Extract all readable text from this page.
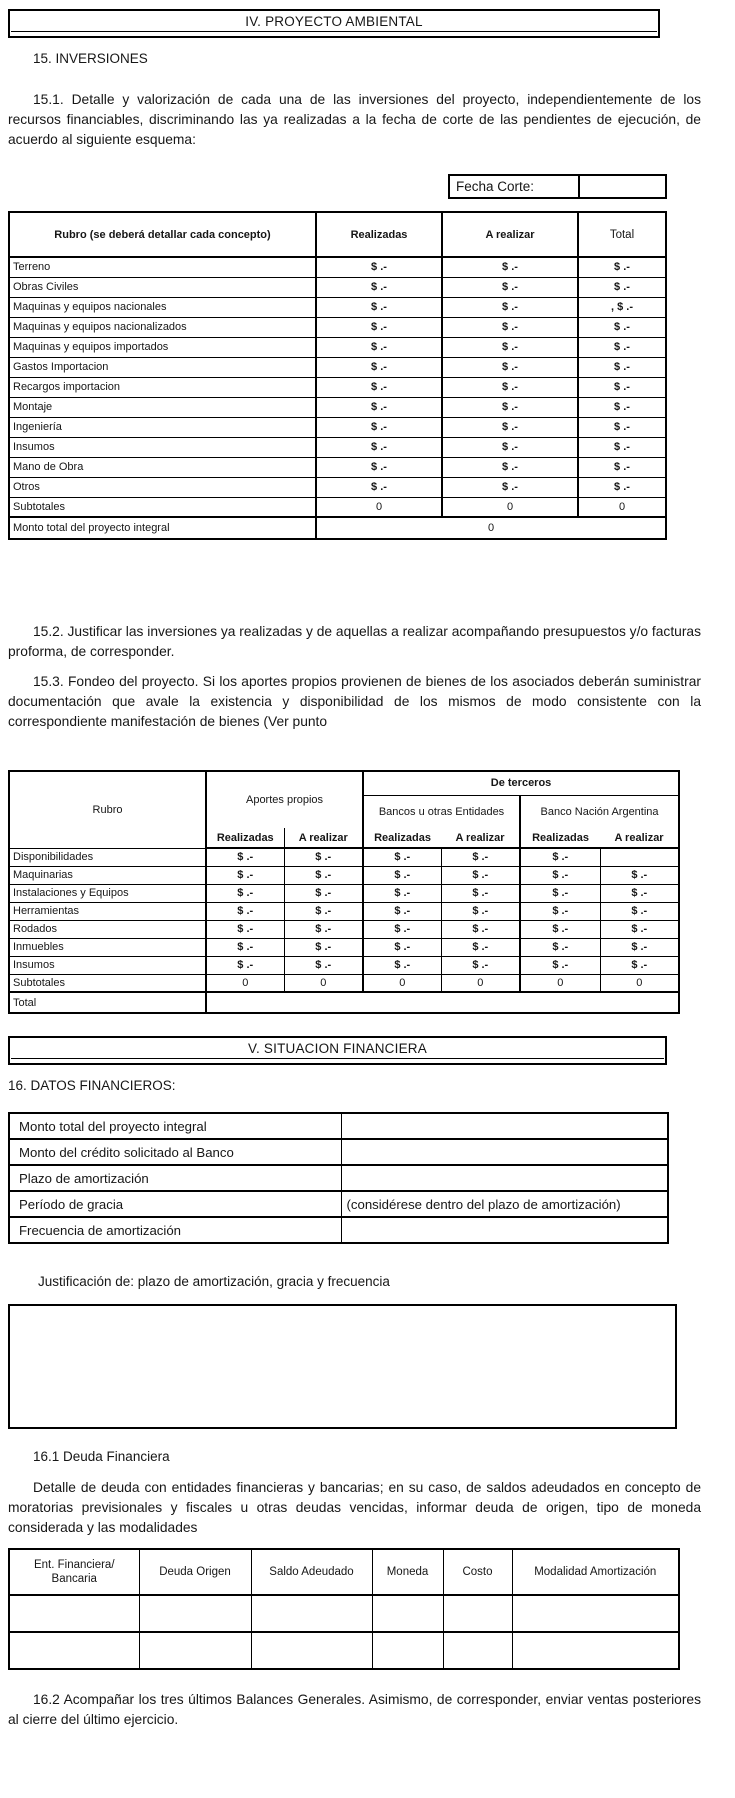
IV. PROYECTO AMBIENTAL
15. INVERSIONES

15.1. Detalle y valorización de cada una de las inversiones del proyecto, independientemente de los recursos financiables, discriminando las ya realizadas a la fecha de corte de las pendientes de ejecución, de acuerdo al siguiente esquema:

Fecha Corte:
Rubro (se deberá detallar cada concepto)	Realizadas	A realizar	Total
Terreno	$ .-	$ .-	$ .-
Obras Civiles	$ .-	$ .-	$ .-
Maquinas y equipos nacionales	$ .-	$ .-	, $ .-
Maquinas y equipos nacionalizados	$ .-	$ .-	$ .-
Maquinas y equipos importados	$ .-	$ .-	$ .-
Gastos Importacion	$ .-	$ .-	$ .-
Recargos importacion	$ .-	$ .-	$ .-
Montaje	$ .-	$ .-	$ .-
Ingeniería	$ .-	$ .-	$ .-
Insumos	$ .-	$ .-	$ .-
Mano de Obra	$ .-	$ .-	$ .-
Otros	$ .-	$ .-	$ .-
Subtotales	0	0	0
Monto total del proyecto integral	0		

15.2. Justificar las inversiones ya realizadas y de aquellas a realizar acompañando presupuestos y/o facturas proforma, de corresponder.

15.3. Fondeo del proyecto. Si los aportes propios provienen de bienes de los asociados deberán suministrar documentación que avale la existencia y disponibilidad de los mismos de modo consistente con la correspondiente manifestación de bienes (Ver punto

Rubro	Aportes propios		De terceros			
			Bancos u otras Entidades		Banco Nación Argentina	
	Realizadas	A realizar	Realizadas	A realizar	Realizadas	A realizar
Disponibilidades	$ .-	$ .-	$ .-	$ .-	$ .-	
Maquinarias	$ .-	$ .-	$ .-	$ .-	$ .-	$ .-
Instalaciones y Equipos	$ .-	$ .-	$ .-	$ .-	$ .-	$ .-
Herramientas	$ .-	$ .-	$ .-	$ .-	$ .-	$ .-
Rodados	$ .-	$ .-	$ .-	$ .-	$ .-	$ .-
Inmuebles	$ .-	$ .-	$ .-	$ .-	$ .-	$ .-
Insumos	$ .-	$ .-	$ .-	$ .-	$ .-	$ .-
Subtotales	0	0	0	0	0	0
Total						
V. SITUACION FINANCIERA
16. DATOS FINANCIEROS:
Monto total del proyecto integral	
Monto del crédito solicitado al Banco	
Plazo de amortización	
Período de gracia	(considérese dentro del plazo de amortización)
Frecuencia de amortización	
Justificación de: plazo de amortización, gracia y frecuencia
16.1 Deuda Financiera

Detalle de deuda con entidades financieras y bancarias; en su caso, de saldos adeudados en concepto de moratorias previsionales y fiscales u otras deudas vencidas, informar deuda de origen, tipo de moneda considerada y las modalidades

Ent. Financiera/ Bancaria	Deuda Origen	Saldo Adeudado	Moneda	Costo	Modalidad Amortización

16.2 Acompañar los tres últimos Balances Generales. Asimismo, de corresponder, enviar ventas posteriores al cierre del último ejercicio.
